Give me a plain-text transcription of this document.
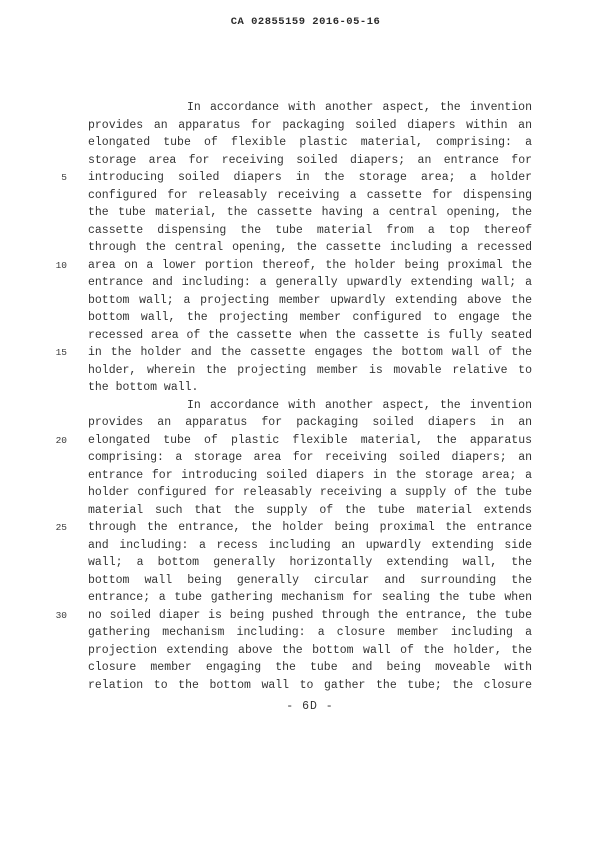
CA 02855159 2016-05-16
In accordance with another aspect, the invention
provides an apparatus for packaging soiled diapers within an
elongated tube of flexible plastic material, comprising: a
storage area for receiving soiled diapers; an entrance for
5 introducing soiled diapers in the storage area; a holder
configured for releasably receiving a cassette for dispensing
the tube material, the cassette having a central opening, the
cassette dispensing the tube material from a top thereof
through the central opening, the cassette including a recessed
10 area on a lower portion thereof, the holder being proximal the
entrance and including: a generally upwardly extending wall; a
bottom wall; a projecting member upwardly extending above the
bottom wall, the projecting member configured to engage the
recessed area of the cassette when the cassette is fully seated
15 in the holder and the cassette engages the bottom wall of the
holder, wherein the projecting member is movable relative to
the bottom wall.
In accordance with another aspect, the invention
provides an apparatus for packaging soiled diapers in an
20 elongated tube of plastic flexible material, the apparatus
comprising: a storage area for receiving soiled diapers; an
entrance for introducing soiled diapers in the storage area; a
holder configured for releasably receiving a supply of the tube
material such that the supply of the tube material extends
25 through the entrance, the holder being proximal the entrance
and including: a recess including an upwardly extending side
wall; a bottom generally horizontally extending wall, the
bottom wall being generally circular and surrounding the
entrance; a tube gathering mechanism for sealing the tube when
30 no soiled diaper is being pushed through the entrance, the tube
gathering mechanism including: a closure member including a
projection extending above the bottom wall of the holder, the
closure member engaging the tube and being moveable with
relation to the bottom wall to gather the tube; the closure
- 6D -
